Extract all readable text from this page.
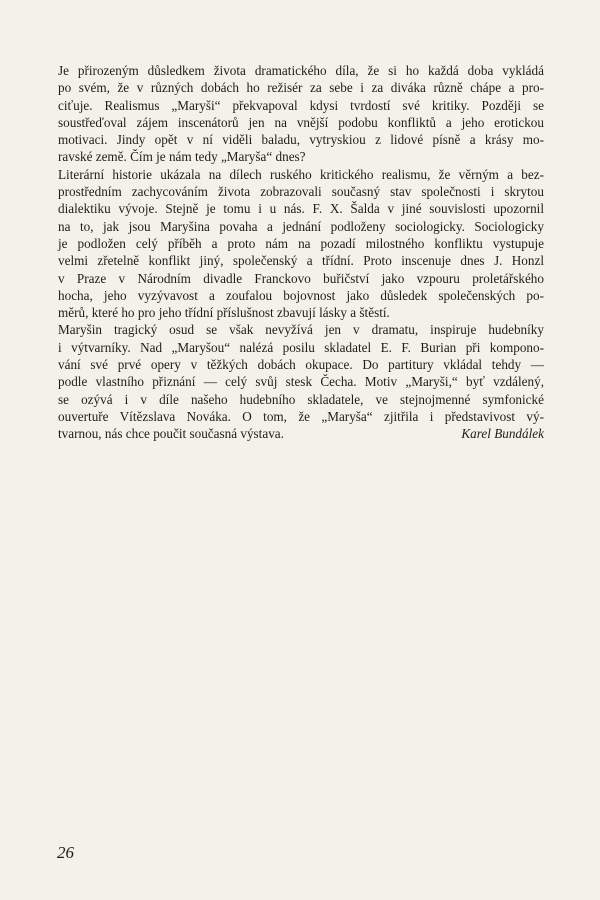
Je přirozeným důsledkem života dramatického díla, že si ho každá doba vykládá
po svém, že v různých dobách ho režisér za sebe i za diváka různě chápe a pro-
ciťuje. Realismus „Maryši“ překvapoval kdysi tvrdostí své kritiky. Později se
soustřeďoval zájem inscenátorů jen na vnější podobu konfliktů a jeho erotickou
motivaci. Jindy opět v ní viděli baladu, vytryskiou z lidové písně a krásy mo-
ravské země. Čím je nám tedy „Maryša“ dnes?
Literární historie ukázala na dílech ruského kritického realismu, že věrným a bez-
prostředním zachycováním života zobrazovali současný stav společnosti i skrytou
dialektiku vývoje. Stejně je tomu i u nás. F. X. Šalda v jiné souvislosti upozornil
na to, jak jsou Maryšina povaha a jednání podloženy sociologicky. Sociologicky
je podložen celý příběh a proto nám na pozadí milostného konfliktu vystupuje
velmi zřetelně konflikt jiný, společenský a třídní. Proto inscenuje dnes J. Honzl
v Praze v Národním divadle Franckovo buřičství jako vzpouru proletářského
hocha, jeho vyzývavost a zoufalou bojovnost jako důsledek společenských po-
měrů, které ho pro jeho třídní příslušnost zbavují lásky a štěstí.
Maryšin tragický osud se však nevyžívá jen v dramatu, inspiruje hudebníky
i výtvarníky. Nad „Maryšou“ nalézá posilu skladatel E. F. Burian při kompono-
vání své prvé opery v těžkých dobách okupace. Do partitury vkládal tehdy —
podle vlastního přiznání — celý svůj stesk Čecha. Motiv „Maryši,“ byť vzdálený,
se ozývá i v díle našeho hudebního skladatele, ve stejnojmenné symfonické
ouvertuře Vítězslava Nováka. O tom, že „Maryša“ zjitřila i představivost vý-
tvarnou, nás chce poučit současná výstava.	Karel Bundálek
26
